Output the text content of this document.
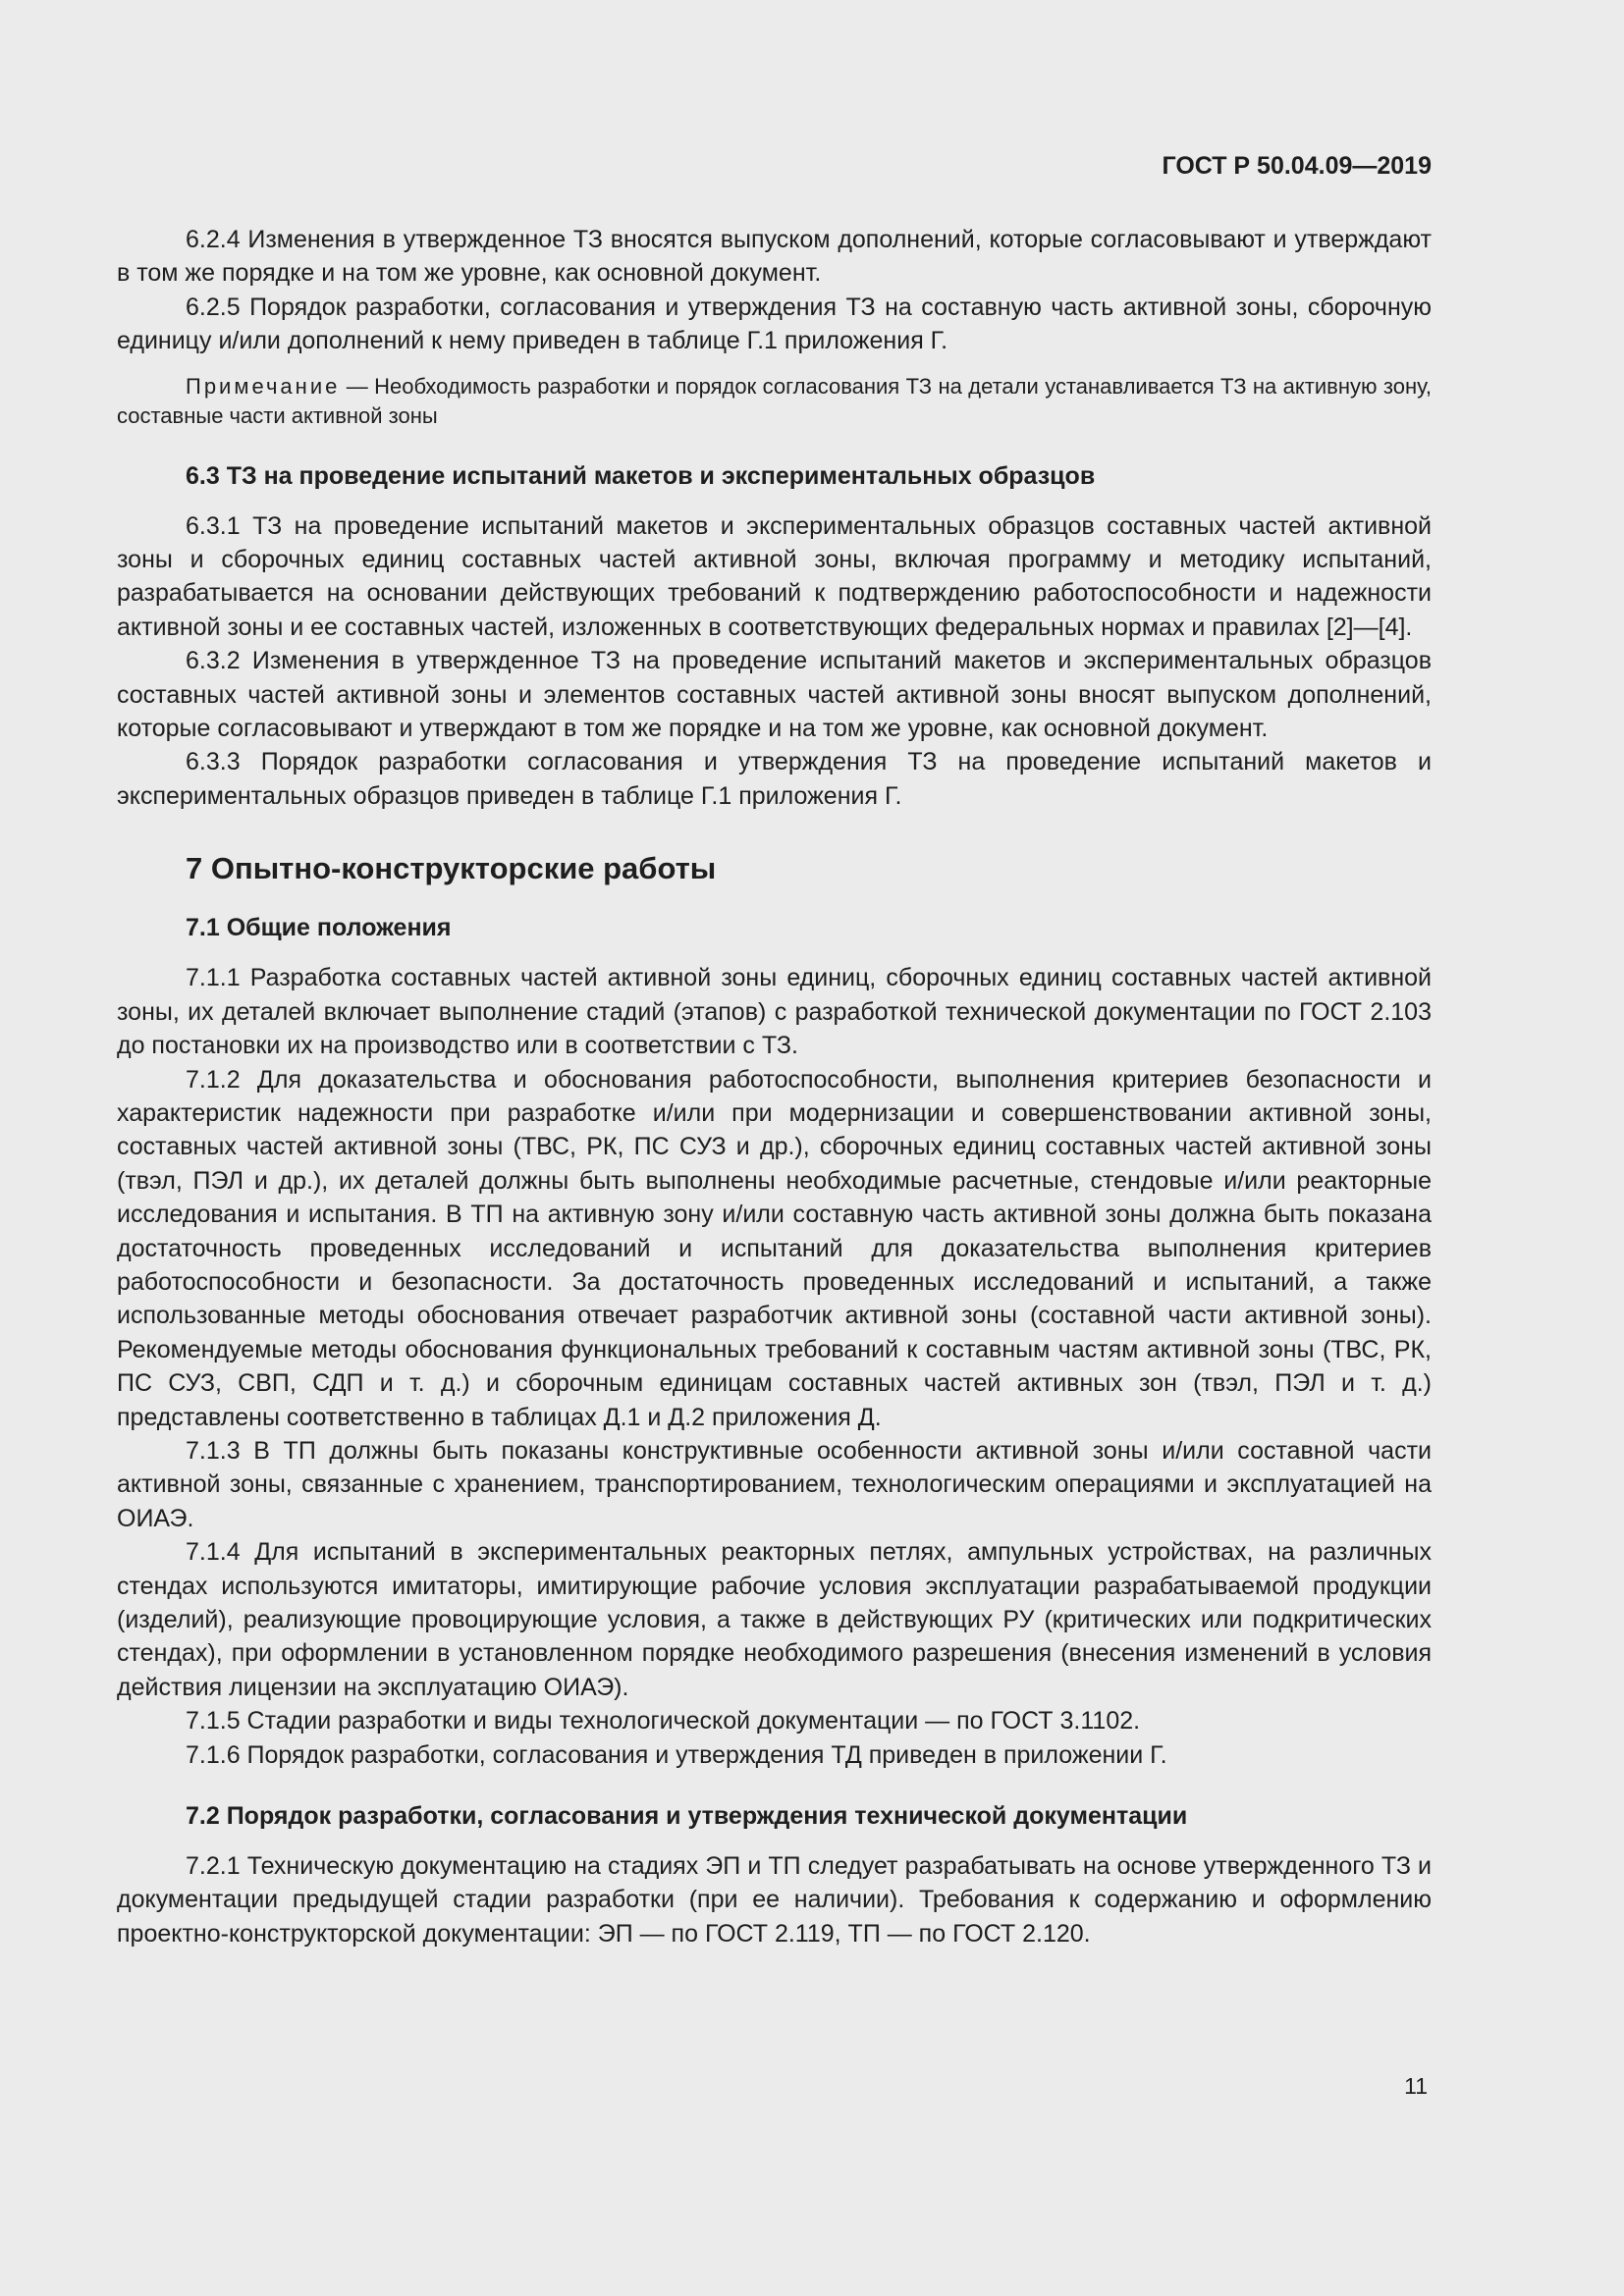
ГОСТ Р 50.04.09—2019

6.2.4 Изменения в утвержденное ТЗ вносятся выпуском дополнений, которые согласовывают и утверждают в том же порядке и на том же уровне, как основной документ.

6.2.5 Порядок разработки, согласования и утверждения ТЗ на составную часть активной зоны, сборочную единицу и/или дополнений к нему приведен в таблице Г.1 приложения Г.

Примечание — Необходимость разработки и порядок согласования ТЗ на детали устанавливается ТЗ на активную зону, составные части активной зоны

6.3 ТЗ на проведение испытаний макетов и экспериментальных образцов

6.3.1 ТЗ на проведение испытаний макетов и экспериментальных образцов составных частей активной зоны и сборочных единиц составных частей активной зоны, включая программу и методику испытаний, разрабатывается на основании действующих требований к подтверждению работоспособности и надежности активной зоны и ее составных частей, изложенных в соответствующих федеральных нормах и правилах [2]—[4].

6.3.2 Изменения в утвержденное ТЗ на проведение испытаний макетов и экспериментальных образцов составных частей активной зоны и элементов составных частей активной зоны вносят выпуском дополнений, которые согласовывают и утверждают в том же порядке и на том же уровне, как основной документ.

6.3.3 Порядок разработки согласования и утверждения ТЗ на проведение испытаний макетов и экспериментальных образцов приведен в таблице Г.1 приложения Г.

7 Опытно-конструкторские работы
7.1 Общие положения

7.1.1 Разработка составных частей активной зоны единиц, сборочных единиц составных частей активной зоны, их деталей включает выполнение стадий (этапов) с разработкой технической документации по ГОСТ 2.103 до постановки их на производство или в соответствии с ТЗ.

7.1.2 Для доказательства и обоснования работоспособности, выполнения критериев безопасности и характеристик надежности при разработке и/или при модернизации и совершенствовании активной зоны, составных частей активной зоны (ТВС, РК, ПС СУЗ и др.), сборочных единиц составных частей активной зоны (твэл, ПЭЛ и др.), их деталей должны быть выполнены необходимые расчетные, стендовые и/или реакторные исследования и испытания. В ТП на активную зону и/или составную часть активной зоны должна быть показана достаточность проведенных исследований и испытаний для доказательства выполнения критериев работоспособности и безопасности. За достаточность проведенных исследований и испытаний, а также использованные методы обоснования отвечает разработчик активной зоны (составной части активной зоны). Рекомендуемые методы обоснования функциональных требований к составным частям активной зоны (ТВС, РК, ПС СУЗ, СВП, СДП и т. д.) и сборочным единицам составных частей активных зон (твэл, ПЭЛ и т. д.) представлены соответственно в таблицах Д.1 и Д.2 приложения Д.

7.1.3 В ТП должны быть показаны конструктивные особенности активной зоны и/или составной части активной зоны, связанные с хранением, транспортированием, технологическим операциями и эксплуатацией на ОИАЭ.

7.1.4 Для испытаний в экспериментальных реакторных петлях, ампульных устройствах, на различных стендах используются имитаторы, имитирующие рабочие условия эксплуатации разрабатываемой продукции (изделий), реализующие провоцирующие условия, а также в действующих РУ (критических или подкритических стендах), при оформлении в установленном порядке необходимого разрешения (внесения изменений в условия действия лицензии на эксплуатацию ОИАЭ).

7.1.5 Стадии разработки и виды технологической документации — по ГОСТ 3.1102.

7.1.6 Порядок разработки, согласования и утверждения ТД приведен в приложении Г.

7.2 Порядок разработки, согласования и утверждения технической документации

7.2.1 Техническую документацию на стадиях ЭП и ТП следует разрабатывать на основе утвержденного ТЗ и документации предыдущей стадии разработки (при ее наличии). Требования к содержанию и оформлению проектно-конструкторской документации: ЭП — по ГОСТ 2.119, ТП — по ГОСТ 2.120.

11
